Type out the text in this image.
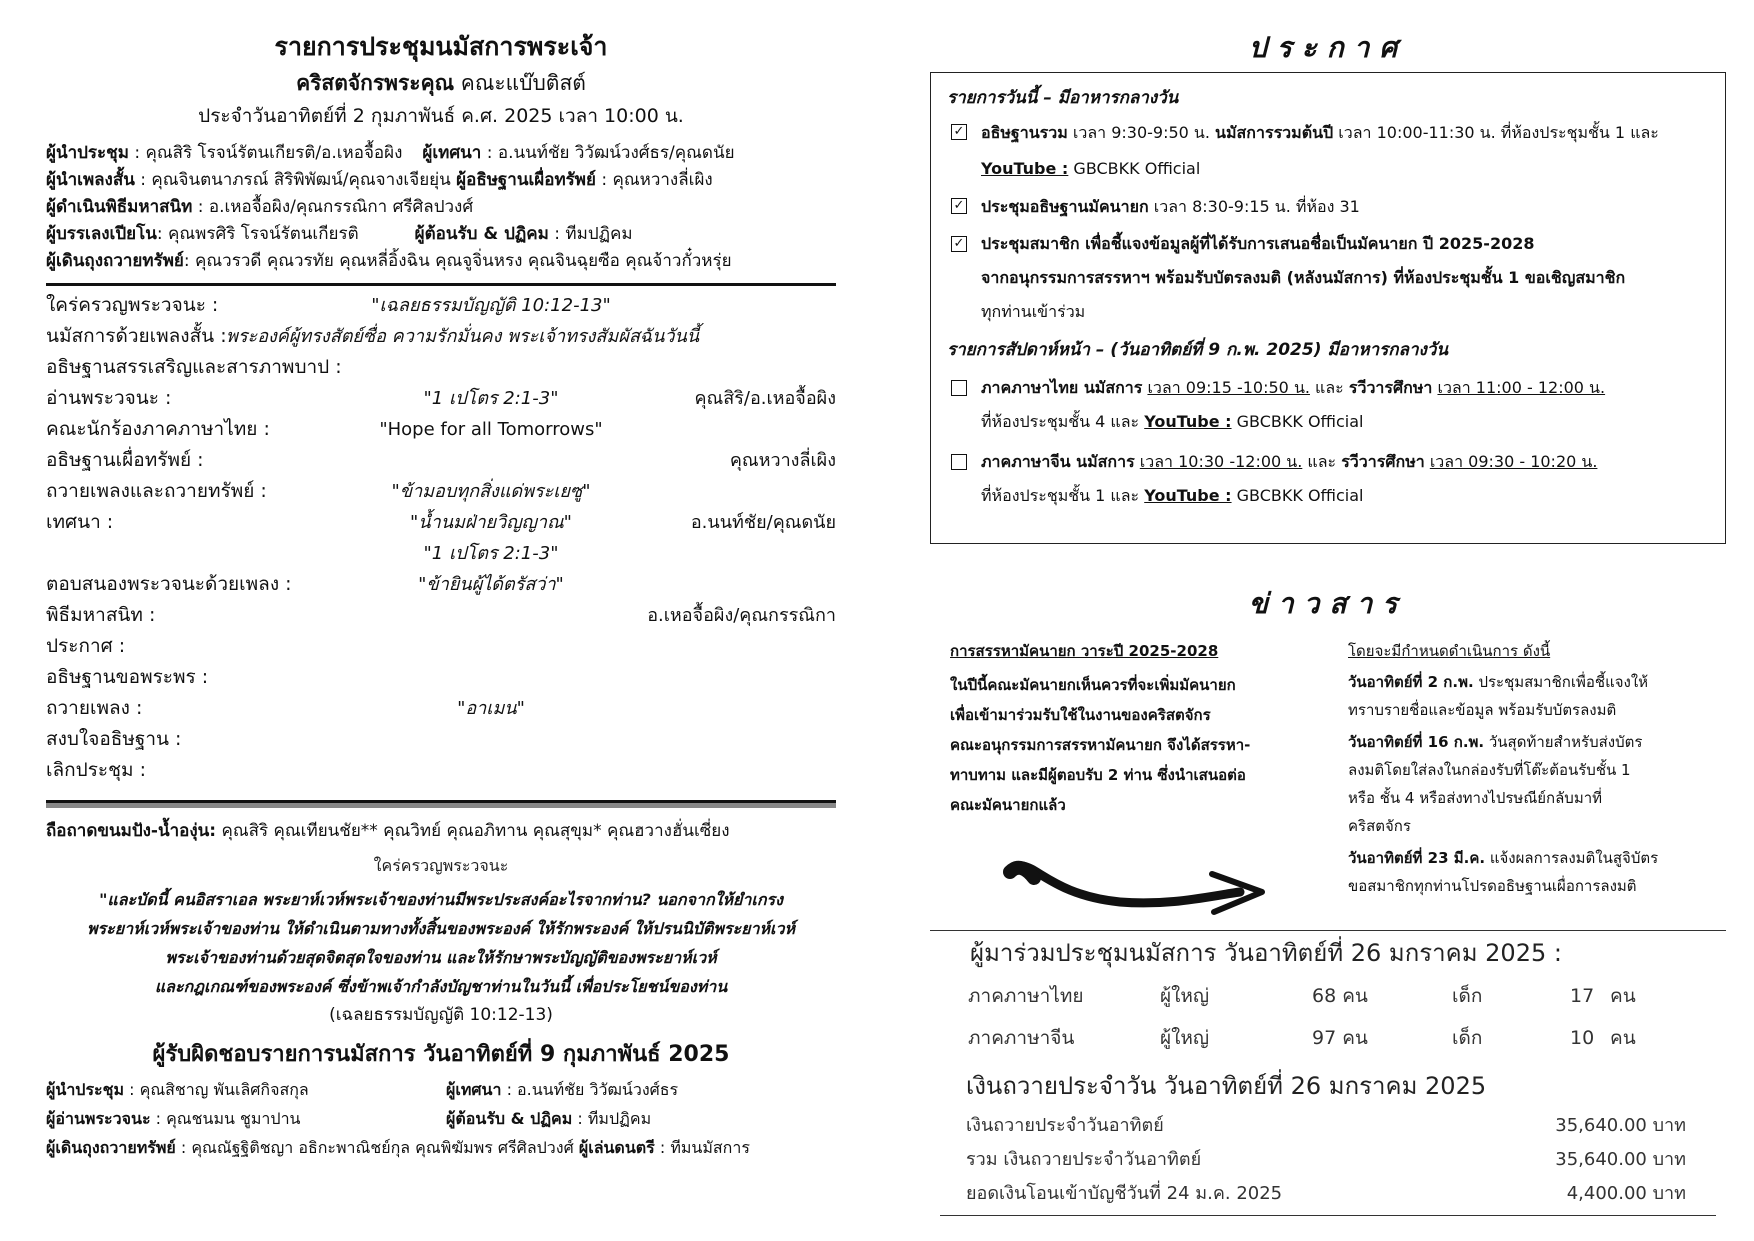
รายการประชุมนมัสการพระเจ้า
คริสตจักรพระคุณ คณะแบ๊บติสต์
ประจำวันอาทิตย์ที่ 2 กุมภาพันธ์ ค.ศ. 2025 เวลา 10:00 น.
ผู้นำประชุม : คุณสิริ โรจน์รัตนเกียรติ/อ.เหอจื้อผิง ผู้เทศนา : อ.นนท์ชัย วิวัฒน์วงศ์ธร/คุณดนัย
ผู้นำเพลงสั้น : คุณจินตนาภรณ์ สิริพิพัฒน์/คุณจางเจียยุ่น ผู้อธิษฐานเผื่อทรัพย์ : คุณหวางลี่เผิง
ผู้ดำเนินพิธีมหาสนิท : อ.เหอจื้อผิง/คุณกรรณิกา ศรีศิลปวงศ์
ผู้บรรเลงเปียโน: คุณพรศิริ โรจน์รัตนเกียรติ	ผู้ต้อนรับ & ปฏิคม : ทีมปฏิคม
ผู้เดินถุงถวายทรัพย์: คุณวรวดี คุณวรทัย คุณหลี่อิ้งฉิน คุณจูจิ่นหรง คุณจินฉุยซือ คุณจ้าวกั๋วหรุ่ย
ใคร่ครวญพระวจนะ :	"เฉลยธรรมบัญญัติ 10:12-13"
นมัสการด้วยเพลงสั้น : พระองค์ผู้ทรงสัตย์ซื่อ ความรักมั่นคง พระเจ้าทรงสัมผัสฉันวันนี้
อธิษฐานสรรเสริญและสารภาพบาป :
อ่านพระวจนะ :	"1 เปโตร 2:1-3"	คุณสิริ/อ.เหอจื้อผิง
คณะนักร้องภาคภาษาไทย :	"Hope for all Tomorrows"
อธิษฐานเผื่อทรัพย์ :	คุณหวางลี่เผิง
ถวายเพลงและถวายทรัพย์ :	"ข้ามอบทุกสิ่งแด่พระเยซู"
เทศนา :	"น้ำนมฝ่ายวิญญาณ"	อ.นนท์ชัย/คุณดนัย
"1 เปโตร 2:1-3"
ตอบสนองพระวจนะด้วยเพลง :	"ข้ายินผู้ได้ตรัสว่า"
พิธีมหาสนิท :	อ.เหอจื้อผิง/คุณกรรณิกา
ประกาศ :
อธิษฐานขอพระพร :
ถวายเพลง :	"อาเมน"
สงบใจอธิษฐาน :
เลิกประชุม :
ถือถาดขนมปัง-น้ำองุ่น: คุณสิริ คุณเทียนชัย** คุณวิทย์ คุณอภิทาน คุณสุขุม* คุณฮวางฮั่นเซี่ยง
ใคร่ครวญพระวจนะ
"และบัดนี้ คนอิสราเอล พระยาห์เวห์พระเจ้าของท่านมีพระประสงค์อะไรจากท่าน? นอกจากให้ยำเกรง
พระยาห์เวห์พระเจ้าของท่าน ให้ดำเนินตามทางทั้งสิ้นของพระองค์ ให้รักพระองค์ ให้ปรนนิบัติพระยาห์เวห์
พระเจ้าของท่านด้วยสุดจิตสุดใจของท่าน และให้รักษาพระบัญญัติของพระยาห์เวห์
และกฎเกณฑ์ของพระองค์ ซึ่งข้าพเจ้ากำลังบัญชาท่านในวันนี้ เพื่อประโยชน์ของท่าน
(เฉลยธรรมบัญญัติ 10:12-13)
ผู้รับผิดชอบรายการนมัสการ วันอาทิตย์ที่ 9 กุมภาพันธ์ 2025
ผู้นำประชุม : คุณสิชาญ พันเลิศกิจสกุล	ผู้เทศนา : อ.นนท์ชัย วิวัฒน์วงศ์ธร
ผู้อ่านพระวจนะ : คุณชนมน ชูมาปาน	ผู้ต้อนรับ & ปฏิคม : ทีมปฏิคม
ผู้เดินถุงถวายทรัพย์ : คุณณัฐฐิติชญา อธิกะพาณิชย์กุล คุณพิฆัมพร ศรีศิลปวงศ์ ผู้เล่นดนตรี : ทีมนมัสการ
ประกาศ
รายการวันนี้ – มีอาหารกลางวัน
✓ อธิษฐานรวม เวลา 9:30-9:50 น. นมัสการรวมต้นปี เวลา 10:00-11:30 น. ที่ห้องประชุมชั้น 1 และ
YouTube : GBCBKK Official
✓ ประชุมอธิษฐานมัคนายก เวลา 8:30-9:15 น. ที่ห้อง 31
✓ ประชุมสมาชิก เพื่อชี้แจงข้อมูลผู้ที่ได้รับการเสนอชื่อเป็นมัคนายก ปี 2025-2028
จากอนุกรรมการสรรหาฯ พร้อมรับบัตรลงมติ (หลังนมัสการ) ที่ห้องประชุมชั้น 1 ขอเชิญสมาชิก
ทุกท่านเข้าร่วม
รายการสัปดาห์หน้า – (วันอาทิตย์ที่ 9 ก.พ. 2025) มีอาหารกลางวัน
ภาคภาษาไทย นมัสการ เวลา 09:15 -10:50 น. และ รวีวารศึกษา เวลา 11:00 - 12:00 น.
ที่ห้องประชุมชั้น 4 และ YouTube : GBCBKK Official
ภาคภาษาจีน นมัสการ เวลา 10:30 -12:00 น. และ รวีวารศึกษา เวลา 09:30 - 10:20 น.
ที่ห้องประชุมชั้น 1 และ YouTube : GBCBKK Official
ข่าวสาร
การสรรหามัคนายก วาระปี 2025-2028
ในปีนี้คณะมัคนายกเห็นควรที่จะเพิ่มมัคนายก
เพื่อเข้ามาร่วมรับใช้ในงานของคริสตจักร
คณะอนุกรรมการสรรหามัคนายก จึงได้สรรหา-
ทาบทาม และมีผู้ตอบรับ 2 ท่าน ซึ่งนำเสนอต่อ
คณะมัคนายกแล้ว
โดยจะมีกำหนดดำเนินการ ดังนี้
วันอาทิตย์ที่ 2 ก.พ. ประชุมสมาชิกเพื่อชี้แจงให้
ทราบรายชื่อและข้อมูล พร้อมรับบัตรลงมติ
วันอาทิตย์ที่ 16 ก.พ. วันสุดท้ายสำหรับส่งบัตร
ลงมติโดยใส่ลงในกล่องรับที่โต๊ะต้อนรับชั้น 1
หรือ ชั้น 4 หรือส่งทางไปรษณีย์กลับมาที่
คริสตจักร
วันอาทิตย์ที่ 23 มี.ค. แจ้งผลการลงมติในสูจิบัตร
ขอสมาชิกทุกท่านโปรดอธิษฐานเผื่อการลงมติ
ผู้มาร่วมประชุมนมัสการ วันอาทิตย์ที่ 26 มกราคม 2025 :
ภาคภาษาไทย	ผู้ใหญ่	68 คน	เด็ก	17 คน
ภาคภาษาจีน	ผู้ใหญ่	97 คน	เด็ก	10 คน
เงินถวายประจำวัน วันอาทิตย์ที่ 26 มกราคม 2025
เงินถวายประจำวันอาทิตย์	35,640.00 บาท
รวม เงินถวายประจำวันอาทิตย์	35,640.00 บาท
ยอดเงินโอนเข้าบัญชีวันที่ 24 ม.ค. 2025	4,400.00 บาท
